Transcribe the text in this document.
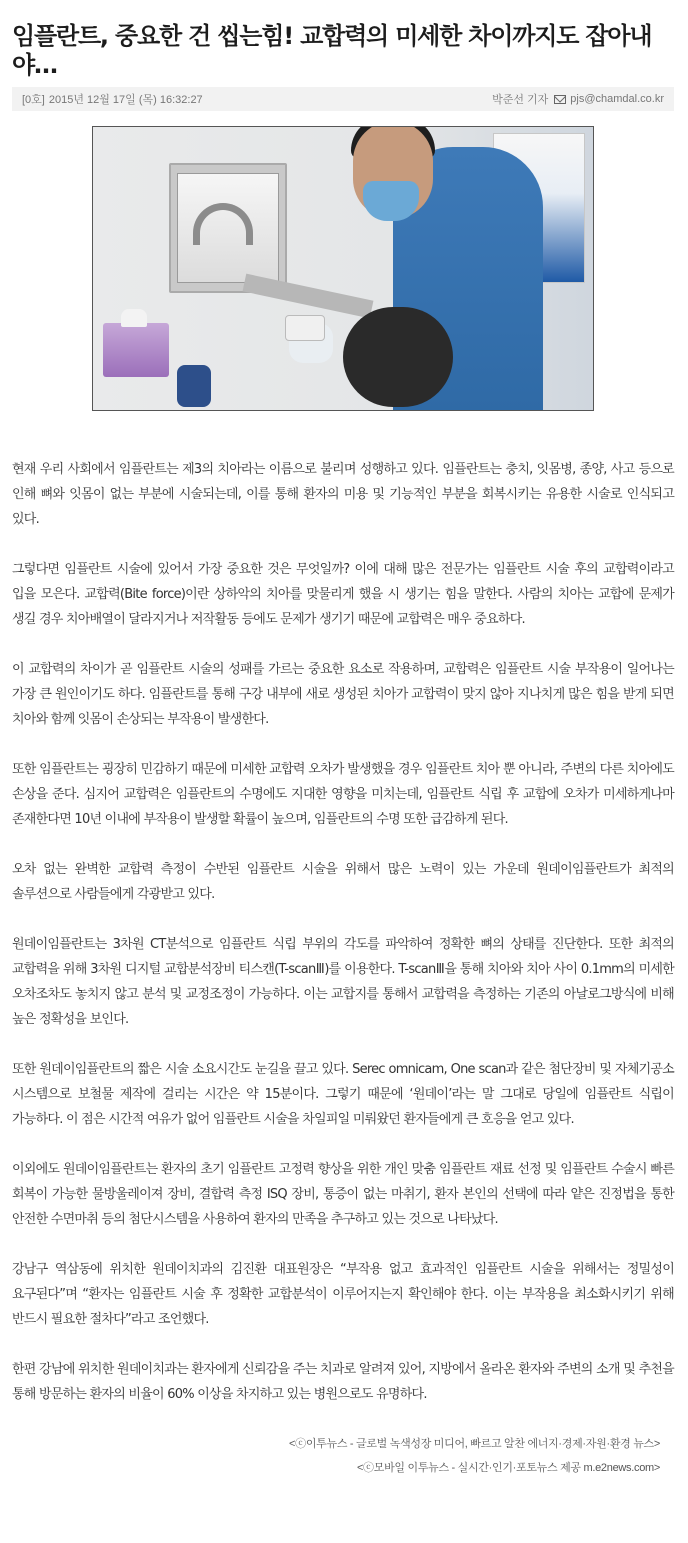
임플란트, 중요한 건 씹는힘! 교합력의 미세한 차이까지도 잡아내야…
[0호] 2015년 12월 17일 (목) 16:32:27	박준선 기자 pjs@chamdal.co.kr

현재 우리 사회에서 임플란트는 제3의 치아라는 이름으로 불리며 성행하고 있다. 임플란트는 충치, 잇몸병, 종양, 사고 등으로 인해 뼈와 잇몸이 없는 부분에 시술되는데, 이를 통해 환자의 미용 및 기능적인 부분을 회복시키는 유용한 시술로 인식되고 있다.

그렇다면 임플란트 시술에 있어서 가장 중요한 것은 무엇일까? 이에 대해 많은 전문가는 임플란트 시술 후의 교합력이라고 입을 모은다. 교합력(Bite force)이란 상하악의 치아를 맞물리게 했을 시 생기는 힘을 말한다. 사람의 치아는 교합에 문제가 생길 경우 치아배열이 달라지거나 저작활동 등에도 문제가 생기기 때문에 교합력은 매우 중요하다.

이 교합력의 차이가 곧 임플란트 시술의 성패를 가르는 중요한 요소로 작용하며, 교합력은 임플란트 시술 부작용이 일어나는 가장 큰 원인이기도 하다. 임플란트를 통해 구강 내부에 새로 생성된 치아가 교합력이 맞지 않아 지나치게 많은 힘을 받게 되면 치아와 함께 잇몸이 손상되는 부작용이 발생한다.

또한 임플란트는 굉장히 민감하기 때문에 미세한 교합력 오차가 발생했을 경우 임플란트 치아 뿐 아니라, 주변의 다른 치아에도 손상을 준다. 심지어 교합력은 임플란트의 수명에도 지대한 영향을 미치는데, 임플란트 식립 후 교합에 오차가 미세하게나마 존재한다면 10년 이내에 부작용이 발생할 확률이 높으며, 임플란트의 수명 또한 급감하게 된다.

오차 없는 완벽한 교합력 측정이 수반된 임플란트 시술을 위해서 많은 노력이 있는 가운데 원데이임플란트가 최적의 솔루션으로 사람들에게 각광받고 있다.

원데이임플란트는 3차원 CT분석으로 임플란트 식립 부위의 각도를 파악하여 정확한 뼈의 상태를 진단한다. 또한 최적의 교합력을 위해 3차원 디지털 교합분석장비 티스캔(T-scanⅢ)를 이용한다. T-scanⅢ을 통해 치아와 치아 사이 0.1mm의 미세한 오차조차도 놓치지 않고 분석 및 교정조정이 가능하다. 이는 교합지를 통해서 교합력을 측정하는 기존의 아날로그방식에 비해 높은 정확성을 보인다.

또한 원데이임플란트의 짧은 시술 소요시간도 눈길을 끌고 있다. Serec omnicam, One scan과 같은 첨단장비 및 자체기공소 시스템으로 보철물 제작에 걸리는 시간은 약 15분이다. 그렇기 때문에 ‘원데이’라는 말 그대로 당일에 임플란트 식립이 가능하다. 이 점은 시간적 여유가 없어 임플란트 시술을 차일피일 미뤄왔던 환자들에게 큰 호응을 얻고 있다.

이외에도 원데이임플란트는 환자의 초기 임플란트 고정력 향상을 위한 개인 맞춤 임플란트 재료 선정 및 임플란트 수술시 빠른 회복이 가능한 물방울레이져 장비, 결합력 측정 ISQ 장비, 통증이 없는 마취기, 환자 본인의 선택에 따라 얕은 진정법을 통한 안전한 수면마취 등의 첨단시스템을 사용하여 환자의 만족을 추구하고 있는 것으로 나타났다.

강남구 역삼동에 위치한 원데이치과의 김진환 대표원장은 “부작용 없고 효과적인 임플란트 시술을 위해서는 정밀성이 요구된다”며 “환자는 임플란트 시술 후 정확한 교합분석이 이루어지는지 확인해야 한다. 이는 부작용을 최소화시키기 위해 반드시 필요한 절차다”라고 조언했다.

한편 강남에 위치한 원데이치과는 환자에게 신뢰감을 주는 치과로 알려져 있어, 지방에서 올라온 환자와 주변의 소개 및 추천을 통해 방문하는 환자의 비율이 60% 이상을 차지하고 있는 병원으로도 유명하다.

<ⓒ이투뉴스 - 글로벌 녹색성장 미디어, 빠르고 알찬 에너지·경제·자원·환경 뉴스>
<ⓒ모바일 이투뉴스 - 실시간·인기·포토뉴스 제공 m.e2news.com>
